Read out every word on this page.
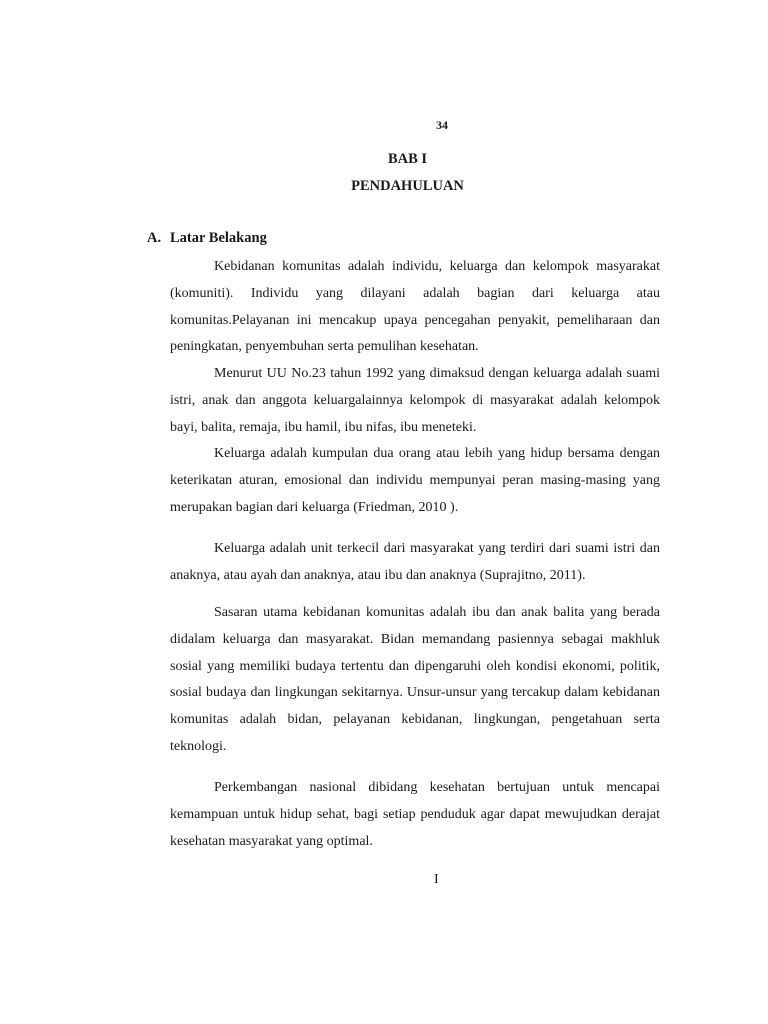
34
BAB I
PENDAHULUAN
A. Latar Belakang

Kebidanan komunitas adalah individu, keluarga dan kelompok masyarakat (komuniti). Individu yang dilayani adalah bagian dari keluarga atau komunitas.Pelayanan ini mencakup upaya pencegahan penyakit, pemeliharaan dan peningkatan, penyembuhan serta pemulihan kesehatan.

Menurut UU No.23 tahun 1992 yang dimaksud dengan keluarga adalah suami istri, anak dan anggota keluargalainnya kelompok di masyarakat adalah kelompok bayi, balita, remaja, ibu hamil, ibu nifas, ibu meneteki.

Keluarga adalah kumpulan dua orang atau lebih yang hidup bersama dengan keterikatan aturan, emosional dan individu mempunyai peran masing-masing yang merupakan bagian dari keluarga (Friedman, 2010 ).

Keluarga adalah unit terkecil dari masyarakat yang terdiri dari suami istri dan anaknya, atau ayah dan anaknya, atau ibu dan anaknya (Suprajitno, 2011).

Sasaran utama kebidanan komunitas adalah ibu dan anak balita yang berada didalam keluarga dan masyarakat. Bidan memandang pasiennya sebagai makhluk sosial yang memiliki budaya tertentu dan dipengaruhi oleh kondisi ekonomi, politik, sosial budaya dan lingkungan sekitarnya. Unsur-unsur yang tercakup dalam kebidanan komunitas adalah bidan, pelayanan kebidanan, lingkungan, pengetahuan serta teknologi.

Perkembangan nasional dibidang kesehatan bertujuan untuk mencapai kemampuan untuk hidup sehat, bagi setiap penduduk agar dapat mewujudkan derajat kesehatan masyarakat yang optimal.

I
